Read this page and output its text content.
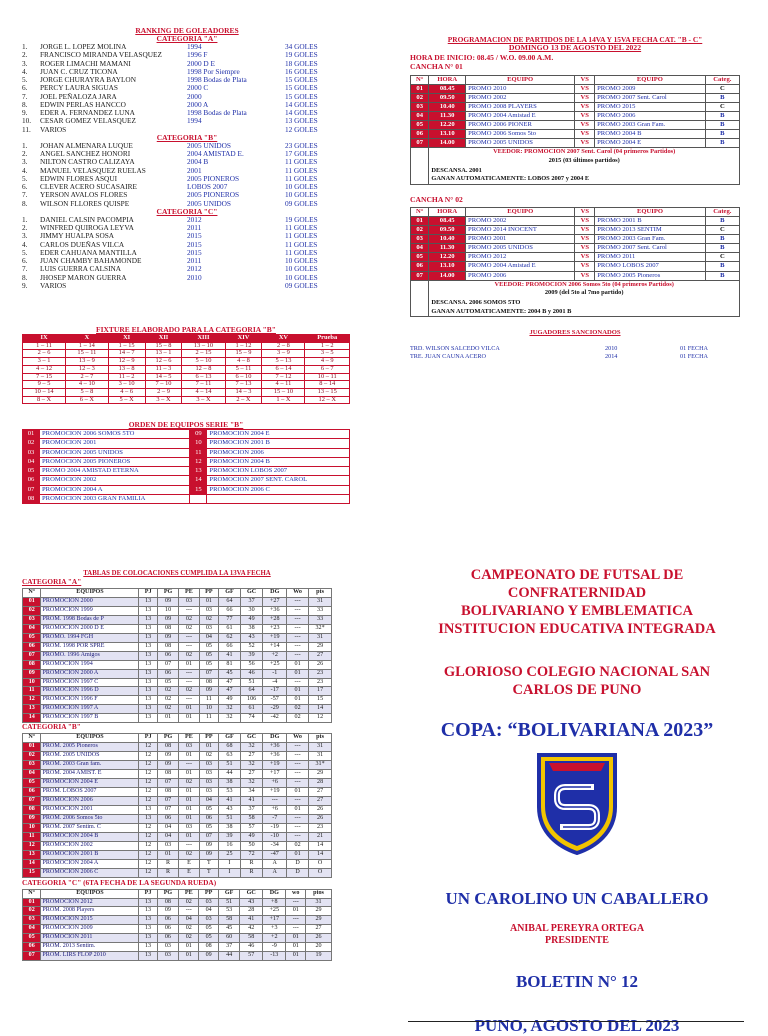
RANKING DE GOLEADORES
CATEGORIA "A"
1. JORGE L. LOPEZ MOLINA	1994	34 GOLES
2. FRANCISCO MIRANDA VELASQUEZ	1996 F	19 GOLES
3. ROGER LIMACHI MAMANI	2000 D E	18 GOLES
4. JUAN C. CRUZ TICONA	1998 Por Siempre	16 GOLES
5. JORGE CHURAYRA BAYLON	1998 Bodas de Plata	15 GOLES
6. PERCY LAURA SIGUAS	2000 C	15 GOLES
7. JOEL PEÑALOZA JARA	2000	15 GOLES
8. EDWIN PERLAS HANCCO	2000 A	14 GOLES
9. EDER A. FERNANDEZ LUNA	1998 Bodas de Plata	14 GOLES
10. CESAR GOMEZ VELASQUEZ	1994	13 GOLES
11. VARIOS	12 GOLES
CATEGORIA "B"
1. JOHAN ALMENARA LUQUE	2005 UNIDOS	23 GOLES
2. ANGEL SANCHEZ HONORI	2004 AMISTAD E.	17 GOLES
3. NILTON CASTRO CALIZAYA	2004 B	11 GOLES
4. MANUEL VELASQUEZ RUELAS	2001	11 GOLES
5. EDWIN FLORES ASQUI	2005 PIONEROS	11 GOLES
6. CLEVER ACERO SUCASAIRE	LOBOS 2007	10 GOLES
7. YERSON AVALOS FLORES	2005 PIONEROS	10 GOLES
8. WILSON FLLORES QUISPE	2005 UNIDOS	09 GOLES
CATEGORIA "C"
1. DANIEL CALSIN PACOMPIA	2012	19 GOLES
2. WINFRED QUIROGA LEYVA	2011	11 GOLES
3. JIMMY HUALPA SOSA	2015	11 GOLES
4. CARLOS DUEÑAS VILCA	2015	11 GOLES
5. EDER CAHUANA MANTILLA	2015	11 GOLES
6. JUAN CHAMBY BAHAMONDE	2011	10 GOLES
7. LUIS GUERRA CALSINA	2012	10 GOLES
8. JHOSEP MARON GUERRA	2010	10 GOLES
9. VARIOS	09 GOLES
FIXTURE ELABORADO PARA LA CATEGORIA "B"
IX	X	XI	XII	XIII	XIV	XV	Prueba
1 – 11	1 – 14	1 – 15	15 – 8	13 – 10	1 – 12	2 – 8	1 – 2
2 – 6	15 – 11	14 – 7	13 – 1	2 – 15	15 – 9	3 – 9	3 – 5
3 – 1	13 – 9	12 – 9	12 – 6	5 – 10	4 – 8	5 – 13	4 – 9
4 – 12	12 – 3	13 – 8	11 – 3	12 – 8	5 – 11	6 – 14	6 – 7
7 – 15	2 – 7	11 – 2	14 – 5	6 – 13	6 – 10	7 – 12	10 – 11
9 – 5	4 – 10	3 – 10	7 – 10	7 – 11	7 – 13	4 – 11	8 – 14
10 – 14	5 – 8	4 – 6	2 – 9	4 – 14	14 – 3	15 – 10	13 – 15
8 – X	6 – X	5 – X	3 – X	3 – X	2 – X	1 – X	12 – X
ORDEN DE EQUIPOS SERIE "B"
01	PROMOCION 2006 SOMOS 5TO	09	PROMOCION 2004 E
02	PROMOCION 2001	10	PROMOCION 2001 B
03	PROMOCION 2005 UNIDOS	11	PROMOCION 2006
04	PROMOCION 2005 PIONEROS	12	PROMOCION 2004 B
05	PROMO 2004 AMISTAD ETERNA	13	PROMOCION LOBOS 2007
06	PROMOCION 2002	14	PROMOCION 2007 SENT. CAROL
07	PROMOCION 2004 A	15	PROMOCION 2006 C
08	PROMOCION 2003 GRAN FAMILIA		
PROGRAMACION DE PARTIDOS DE LA 14VA Y 15VA FECHA CAT. "B - C"
DOMINGO 13 DE AGOSTO DEL 2022
HORA DE INICIO: 08.45 / W.O. 09.00 A.M.
CANCHA N° 01
N°	HORA	EQUIPO	VS	EQUIPO	Categ.
01	08.45	PROMO 2010	VS	PROMO 2009	C
02	09.50	PROMO 2002	VS	PROMO 2007 Sent. Carol	B
03	10.40	PROMO 2008 PLAYERS	VS	PROMO 2015	C
04	11.30	PROMO 2004 Amistad E	VS	PROMO 2006	B
05	12.20	PROMO 2006 PIONER	VS	PROMO 2003 Gran Fam.	B
06	13.10	PROMO 2006 Somos 5to	VS	PROMO 2004 B	B
07	14.00	PROMO 2005 UNIDOS	VS	PROMO 2004 E	B

	VEEDOR: PROMOCION 2007 Sent. Carol (04 primeros Partidos)
2015 (03 últimos partidos)
DESCANSA. 2001
GANAN AUTOMATICAMENTE: LOBOS 2007 y 2004 E				
CANCHA N° 02
N°	HORA	EQUIPO	VS	EQUIPO	Categ.
01	08.45	PROMO 2002	VS	PROMO 2001 B	B
02	09.50	PROMO 2014 INOCENT	VS	PROMO 2013 SENTIM	C
03	10.40	PROMO 2001	VS	PROMO 2003 Gran Fam.	B
04	11.30	PROMO 2005 UNIDOS	VS	PROMO 2007 Sent. Carol	B
05	12.20	PROMO 2012	VS	PROMO 2011	C
06	13.10	PROMO 2004 Amistad E	VS	PROMO LOBOS 2007	B
07	14.00	PROMO 2006	VS	PROMO 2005 Pioneros	B

	VEEDOR: PROMOCION 2006 Somos 5to (04 primeros Partidos)
2009 (del 5to al 7mo partido)
DESCANSA. 2006 SOMOS 5TO
GANAN AUTOMATICAMENTE: 2004 B y 2001 B				
JUGADORES SANCIONADOS
TRD. WILSON SALCEDO VILCA	2010	01 FECHA
TRE. JUAN CAUNA ACERO	2014	01 FECHA
TABLAS DE COLOCACIONES CUMPLIDA LA 13VA FECHA
CATEGORIA "A"
N°	EQUIPOS	PJ	PG	PE	PP	GF	GC	DG	Wo	pts
01	PROMOCION 2000	13	09	03	01	64	37	+27	---	31
02	PROMOCION 1999	13	10	---	03	66	30	+36	---	33
03	PROM. 1998 Bodas de P	13	09	02	02	77	49	+28	---	33
04	PROMOCION 2000 D E	13	08	02	03	61	38	+23	---	32*
05	PROMO. 1994 FGH	13	09	---	04	62	43	+19	---	31
06	PROM. 1998 POR SPRE	13	08	---	05	66	52	+14	---	29
07	PROMO. 1996 Amigos	13	06	02	05	41	39	+2	---	27
08	PROMOCION 1994	13	07	01	05	81	56	+25	01	26
09	PROMOCION 2000 A	13	06	---	07	45	46	-1	01	23
10	PROMOCION 1997 C	13	05	---	08	47	51	-4	---	23
11	PROMOCION 1996 D	13	02	02	09	47	64	-17	01	17
12	PROMOCION 1996 F	13	02	---	11	49	106	-57	01	15
13	PROMOCION 1997 A	13	02	01	10	32	61	-29	02	14
14	PROMOCION 1997 B	13	01	01	11	32	74	-42	02	12
CATEGORIA "B"
N°	EQUIPOS	PJ	PG	PE	PP	GF	GC	DG	Wo	pts
01	PROM. 2005 Pioneros	12	08	03	01	68	32	+36	---	31
02	PROM. 2005 UNIDOS	12	09	01	02	63	27	+36	---	31
03	PROM. 2003 Gran fam.	12	09	---	03	51	32	+19	---	31*
04	PROM. 2004 AMIST. E	12	08	01	03	44	27	+17	---	29
05	PROMOCION 2004 E	12	07	02	03	38	32	+6	---	28
06	PROM. LOBOS 2007	12	08	01	03	53	34	+19	01	27
07	PROMOCION 2006	12	07	01	04	41	41	---	---	27
08	PROMOCION 2001	13	07	01	05	43	37	+6	01	26
09	PROM. 2006 Somos 5to	13	06	01	06	51	58	-7	---	26
10	PROM. 2007 Sentim. C	12	04	03	05	38	57	-19	---	23
11	PROMOCION 2004 B	12	04	01	07	39	49	-10	---	21
12	PROMOCION 2002	12	03	---	09	16	50	-34	02	14
13	PROMOCION 2001 B	12	01	02	09	25	72	-47	01	14
14	PROMOCION 2004 A	12	R	E	T	I	R	A	D	O
15	PROMOCION 2006 C	12	R	E	T	I	R	A	D	O
CATEGORIA "C" (6TA FECHA DE LA SEGUNDA RUEDA)
N°	EQUIPOS	PJ	PG	PE	PP	GF	GC	DG	wo	ptos
01	PROMOCION 2012	13	08	02	03	51	43	+8	---	31
02	PROM. 2008 Players	13	09	---	04	53	28	+25	01	29
03	PROMOCION 2015	13	06	04	03	58	41	+17	---	29
04	PROMOCION 2009	13	06	02	05	45	42	+3	---	27
05	PROMOCION 2011	13	06	02	05	60	58	+2	01	26
06	PROM. 2013 Sentim.	13	03	01	08	37	46	-9	01	20
07	PROM. LIRS FLOP 2010	13	03	01	09	44	57	-13	01	19
CAMPEONATO DE FUTSAL DE
CONFRATERNIDAD
BOLIVARIANO Y EMBLEMATICA
INSTITUCION EDUCATIVA INTEGRADA
GLORIOSO COLEGIO NACIONAL SAN
CARLOS DE PUNO
COPA: “BOLIVARIANA 2023”
UN CAROLINO UN CABALLERO
ANIBAL PEREYRA ORTEGA
PRESIDENTE
BOLETIN N° 12
PUNO, AGOSTO DEL 2023
